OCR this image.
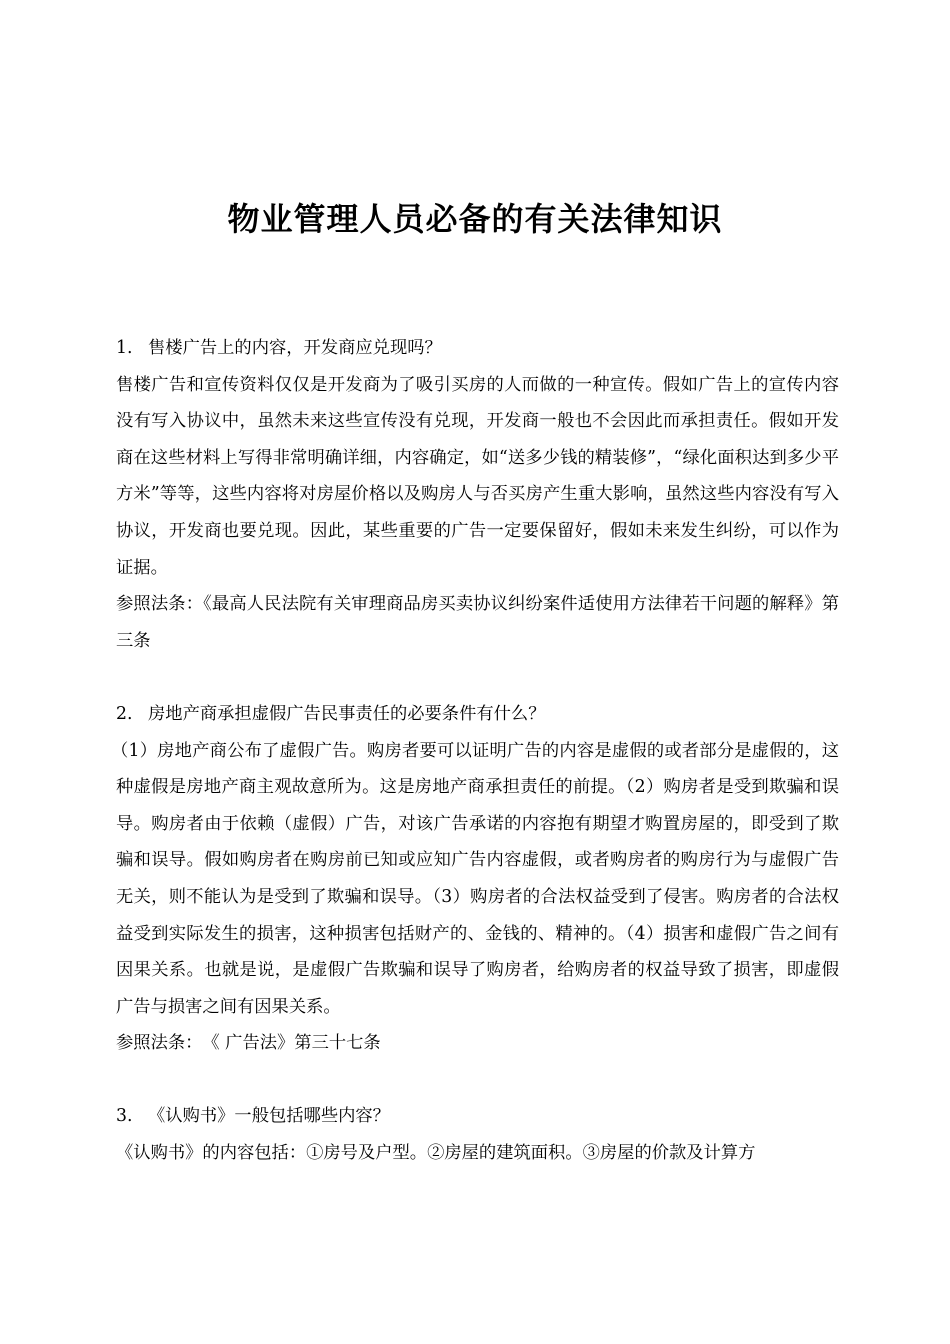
物业管理人员必备的有关法律知识
1. 售楼广告上的内容，开发商应兑现吗？

售楼广告和宣传资料仅仅是开发商为了吸引买房的人而做的一种宣传。假如广告上的宣传内容没有写入协议中，虽然未来这些宣传没有兑现，开发商一般也不会因此而承担责任。假如开发商在这些材料上写得非常明确详细，内容确定，如“送多少钱的精装修”，“绿化面积达到多少平方米”等等，这些内容将对房屋价格以及购房人与否买房产生重大影响，虽然这些内容没有写入协议，开发商也要兑现。因此，某些重要的广告一定要保留好，假如未来发生纠纷，可以作为证据。

参照法条：《最高人民法院有关审理商品房买卖协议纠纷案件适使用方法律若干问题的解释》第三条

2. 房地产商承担虚假广告民事责任的必要条件有什么？

（1）房地产商公布了虚假广告。购房者要可以证明广告的内容是虚假的或者部分是虚假的，这种虚假是房地产商主观故意所为。这是房地产商承担责任的前提。（2）购房者是受到欺骗和误导。购房者由于依赖（虚假）广告，对该广告承诺的内容抱有期望才购置房屋的，即受到了欺骗和误导。假如购房者在购房前已知或应知广告内容虚假，或者购房者的购房行为与虚假广告无关，则不能认为是受到了欺骗和误导。（3）购房者的合法权益受到了侵害。购房者的合法权益受到实际发生的损害，这种损害包括财产的、金钱的、精神的。（4）损害和虚假广告之间有因果关系。也就是说，是虚假广告欺骗和误导了购房者，给购房者的权益导致了损害，即虚假广告与损害之间有因果关系。

参照法条：　《 广告法》第三十七条

3. 《认购书》一般包括哪些内容？

《认购书》的内容包括：①房号及户型。②房屋的建筑面积。③房屋的价款及计算方
